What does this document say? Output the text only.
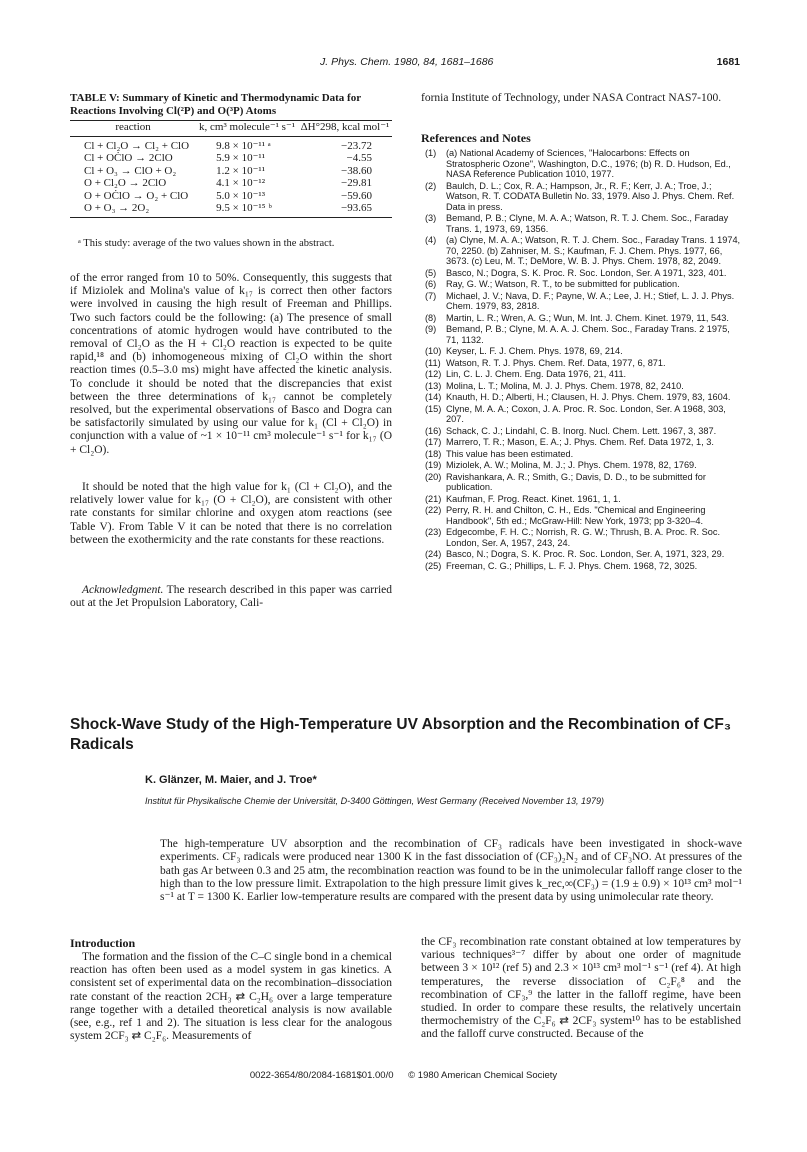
J. Phys. Chem. 1980, 84, 1681–1686	1681
TABLE V: Summary of Kinetic and Thermodynamic Data for Reactions Involving Cl(²P) and O(³P) Atoms
reaction	k, cm³ molecule⁻¹ s⁻¹	ΔH°298, kcal mol⁻¹
Cl + Cl₂O → Cl₂ + ClO	9.8 × 10⁻¹¹ ᵃ	−23.72
Cl + OĊlO → 2ClO	5.9 × 10⁻¹¹	−4.55
Cl + O₃ → ClO + O₂	1.2 × 10⁻¹¹	−38.60
O + Cl₂O → 2ClO	4.1 × 10⁻¹²	−29.81
O + OĊlO → O₂ + ClO	5.0 × 10⁻¹³	−59.60
O + O₃ → 2O₂	9.5 × 10⁻¹⁵ ᵇ	−93.65
ᵃ This study: average of the two values shown in the abstract.
of the error ranged from 10 to 50%. Consequently, this suggests that if Miziolek and Molina's value of k₁₇ is correct then other factors were involved in causing the high result of Freeman and Phillips. Two such factors could be the following: (a) The presence of small concentrations of atomic hydrogen would have contributed to the removal of Cl₂O as the H + Cl₂O reaction is expected to be quite rapid,¹⁸ and (b) inhomogeneous mixing of Cl₂O within the short reaction times (0.5–3.0 ms) might have affected the kinetic analysis. To conclude it should be noted that the discrepancies that exist between the three determinations of k₁₇ cannot be completely resolved, but the experimental observations of Basco and Dogra can be satisfactorily simulated by using our value for k₁ (Cl + Cl₂O) in conjunction with a value of ~1 × 10⁻¹¹ cm³ molecule⁻¹ s⁻¹ for k₁₇ (O + Cl₂O).

It should be noted that the high value for k₁ (Cl + Cl₂O), and the relatively lower value for k₁₇ (O + Cl₂O), are consistent with other rate constants for similar chlorine and oxygen atom reactions (see Table V). From Table V it can be noted that there is no correlation between the exothermicity and the rate constants for these reactions.

Acknowledgment. The research described in this paper was carried out at the Jet Propulsion Laboratory, Cali-

fornia Institute of Technology, under NASA Contract NAS7-100.
References and Notes
(1) (a) National Academy of Sciences, "Halocarbons: Effects on Stratospheric Ozone", Washington, D.C., 1976; (b) R. D. Hudson, Ed., NASA Reference Publication 1010, 1977.
(2) Baulch, D. L.; Cox, R. A.; Hampson, Jr., R. F.; Kerr, J. A.; Troe, J.; Watson, R. T. CODATA Bulletin No. 33, 1979. Also J. Phys. Chem. Ref. Data in press.
(3) Bemand, P. B.; Clyne, M. A. A.; Watson, R. T. J. Chem. Soc., Faraday Trans. 1, 1973, 69, 1356.
(4) (a) Clyne, M. A. A.; Watson, R. T. J. Chem. Soc., Faraday Trans. 1 1974, 70, 2250. (b) Zahniser, M. S.; Kaufman, F. J. Chem. Phys. 1977, 66, 3673. (c) Leu, M. T.; DeMore, W. B. J. Phys. Chem. 1978, 82, 2049.
(5) Basco, N.; Dogra, S. K. Proc. R. Soc. London, Ser. A 1971, 323, 401.
(6) Ray, G. W.; Watson, R. T., to be submitted for publication.
(7) Michael, J. V.; Nava, D. F.; Payne, W. A.; Lee, J. H.; Stief, L. J. J. Phys. Chem. 1979, 83, 2818.
(8) Martin, L. R.; Wren, A. G.; Wun, M. Int. J. Chem. Kinet. 1979, 11, 543.
(9) Bemand, P. B.; Clyne, M. A. A. J. Chem. Soc., Faraday Trans. 2 1975, 71, 1132.
(10) Keyser, L. F. J. Chem. Phys. 1978, 69, 214.
(11) Watson, R. T. J. Phys. Chem. Ref. Data, 1977, 6, 871.
(12) Lin, C. L. J. Chem. Eng. Data 1976, 21, 411.
(13) Molina, L. T.; Molina, M. J. J. Phys. Chem. 1978, 82, 2410.
(14) Knauth, H. D.; Alberti, H.; Clausen, H. J. Phys. Chem. 1979, 83, 1604.
(15) Clyne, M. A. A.; Coxon, J. A. Proc. R. Soc. London, Ser. A 1968, 303, 207.
(16) Schack, C. J.; Lindahl, C. B. Inorg. Nucl. Chem. Lett. 1967, 3, 387.
(17) Marrero, T. R.; Mason, E. A.; J. Phys. Chem. Ref. Data 1972, 1, 3.
(18) This value has been estimated.
(19) Miziolek, A. W.; Molina, M. J.; J. Phys. Chem. 1978, 82, 1769.
(20) Ravishankara, A. R.; Smith, G.; Davis, D. D., to be submitted for publication.
(21) Kaufman, F. Prog. React. Kinet. 1961, 1, 1.
(22) Perry, R. H. and Chilton, C. H., Eds. "Chemical and Engineering Handbook", 5th ed.; McGraw-Hill: New York, 1973; pp 3-320–4.
(23) Edgecombe, F. H. C.; Norrish, R. G. W.; Thrush, B. A. Proc. R. Soc. London, Ser. A, 1957, 243, 24.
(24) Basco, N.; Dogra, S. K. Proc. R. Soc. London, Ser. A, 1971, 323, 29.
(25) Freeman, C. G.; Phillips, L. F. J. Phys. Chem. 1968, 72, 3025.
Shock-Wave Study of the High-Temperature UV Absorption and the Recombination of CF₃ Radicals
K. Glänzer, M. Maier, and J. Troe*
Institut für Physikalische Chemie der Universität, D-3400 Göttingen, West Germany (Received November 13, 1979)
The high-temperature UV absorption and the recombination of CF₃ radicals have been investigated in shock-wave experiments. CF₃ radicals were produced near 1300 K in the fast dissociation of (CF₃)₂N₂ and of CF₃NO. At pressures of the bath gas Ar between 0.3 and 25 atm, the recombination reaction was found to be in the unimolecular falloff range closer to the high than to the low pressure limit. Extrapolation to the high pressure limit gives k_rec,∞(CF₃) = (1.9 ± 0.9) × 10¹³ cm³ mol⁻¹ s⁻¹ at T = 1300 K. Earlier low-temperature results are compared with the present data by using unimolecular rate theory.
Introduction

The formation and the fission of the C–C single bond in a chemical reaction has often been used as a model system in gas kinetics. A consistent set of experimental data on the recombination–dissociation rate constant of the reaction 2CH₃ ⇄ C₂H₆ over a large temperature range together with a detailed theoretical analysis is now available (see, e.g., ref 1 and 2). The situation is less clear for the analogous system 2CF₃ ⇄ C₂F₆. Measurements of

the CF₃ recombination rate constant obtained at low temperatures by various techniques³⁻⁷ differ by about one order of magnitude between 3 × 10¹² (ref 5) and 2.3 × 10¹³ cm³ mol⁻¹ s⁻¹ (ref 4). At high temperatures, the reverse dissociation of C₂F₆⁸ and the recombination of CF₃,⁹ the latter in the falloff regime, have been studied. In order to compare these results, the relatively uncertain thermochemistry of the C₂F₆ ⇄ 2CF₃ system¹⁰ has to be established and the falloff curve constructed. Because of the
0022-3654/80/2084-1681$01.00/0 © 1980 American Chemical Society
